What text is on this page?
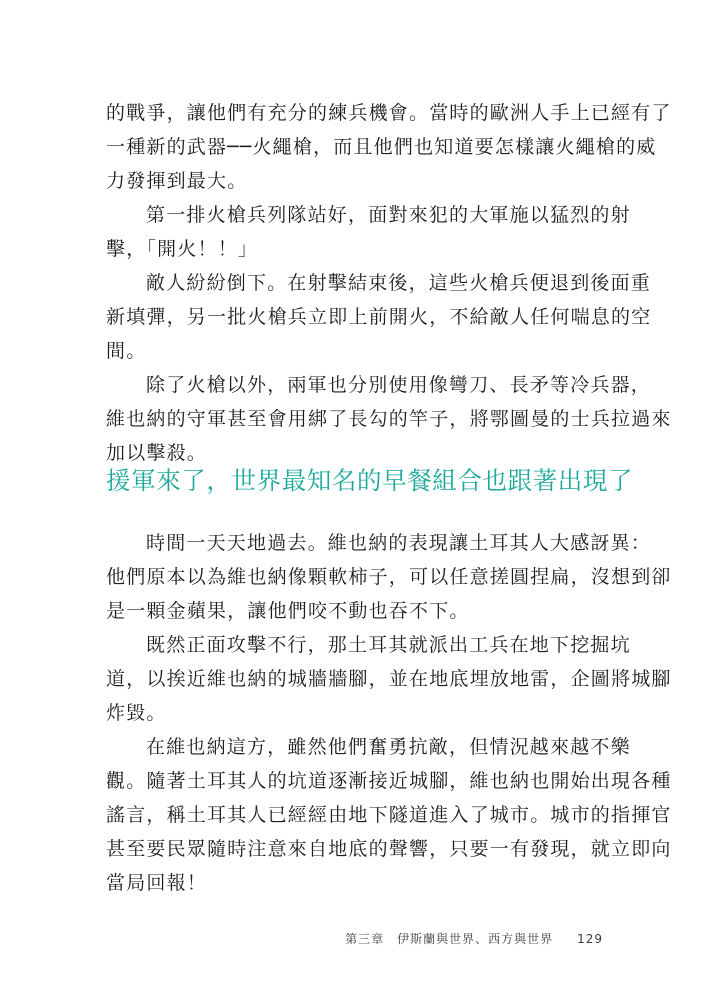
的戰爭，讓他們有充分的練兵機會。當時的歐洲人手上已經有了
一種新的武器──火繩槍，而且他們也知道要怎樣讓火繩槍的威
力發揮到最大。

第一排火槍兵列隊站好，面對來犯的大軍施以猛烈的射
擊，「開火！！」

敵人紛紛倒下。在射擊結束後，這些火槍兵便退到後面重
新填彈，另一批火槍兵立即上前開火，不給敵人任何喘息的空
間。

除了火槍以外，兩軍也分別使用像彎刀、長矛等冷兵器，
維也納的守軍甚至會用綁了長勾的竿子，將鄂圖曼的士兵拉過來
加以擊殺。

援軍來了，世界最知名的早餐組合也跟著出現了

時間一天天地過去。維也納的表現讓土耳其人大感訝異：
他們原本以為維也納像顆軟柿子，可以任意搓圓捏扁，沒想到卻
是一顆金蘋果，讓他們咬不動也吞不下。

既然正面攻擊不行，那土耳其就派出工兵在地下挖掘坑
道，以挨近維也納的城牆牆腳，並在地底埋放地雷，企圖將城腳
炸毀。

在維也納這方，雖然他們奮勇抗敵，但情況越來越不樂
觀。隨著土耳其人的坑道逐漸接近城腳，維也納也開始出現各種
謠言，稱土耳其人已經經由地下隧道進入了城市。城市的指揮官
甚至要民眾隨時注意來自地底的聲響，只要一有發現，就立即向
當局回報！

第三章　伊斯蘭與世界、西方與世界 129
